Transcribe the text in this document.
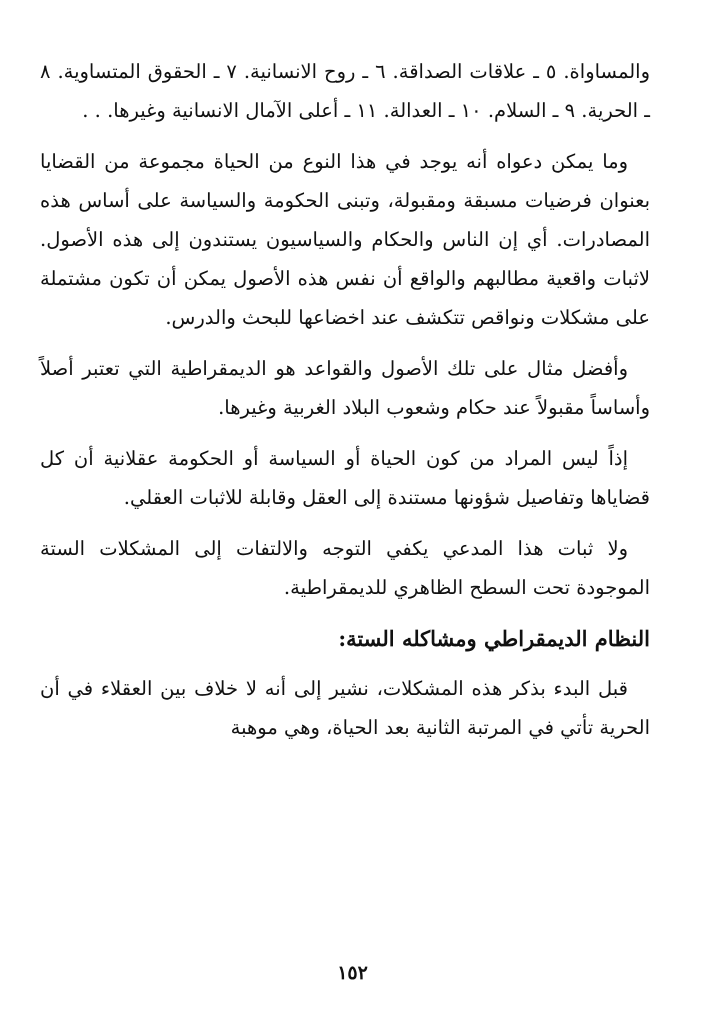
والمساواة. ٥ ـ علاقات الصداقة. ٦ ـ روح الانسانية. ٧ ـ الحقوق المتساوية. ٨ ـ الحرية. ٩ ـ السلام. ١٠ ـ العدالة. ١١ ـ أعلى الآمال الانسانية وغيرها. . .

وما يمكن دعواه أنه يوجد في هذا النوع من الحياة مجموعة من القضايا بعنوان فرضيات مسبقة ومقبولة، وتبنى الحكومة والسياسة على أساس هذه المصادرات. أي إن الناس والحكام والسياسيون يستندون إلى هذه الأصول. لاثبات واقعية مطالبهم والواقع أن نفس هذه الأصول يمكن أن تكون مشتملة على مشكلات ونواقص تتكشف عند اخضاعها للبحث والدرس.

وأفضل مثال على تلك الأصول والقواعد هو الديمقراطية التي تعتبر أصلاً وأساساً مقبولاً عند حكام وشعوب البلاد الغربية وغيرها.

إذاً ليس المراد من كون الحياة أو السياسة أو الحكومة عقلانية أن كل قضاياها وتفاصيل شؤونها مستندة إلى العقل وقابلة للاثبات العقلي.

ولا ثبات هذا المدعي يكفي التوجه والالتفات إلى المشكلات الستة الموجودة تحت السطح الظاهري للديمقراطية.

النظام الديمقراطي ومشاكله الستة:

قبل البدء بذكر هذه المشكلات، نشير إلى أنه لا خلاف بين العقلاء في أن الحرية تأتي في المرتبة الثانية بعد الحياة، وهي موهبة

١٥٢
